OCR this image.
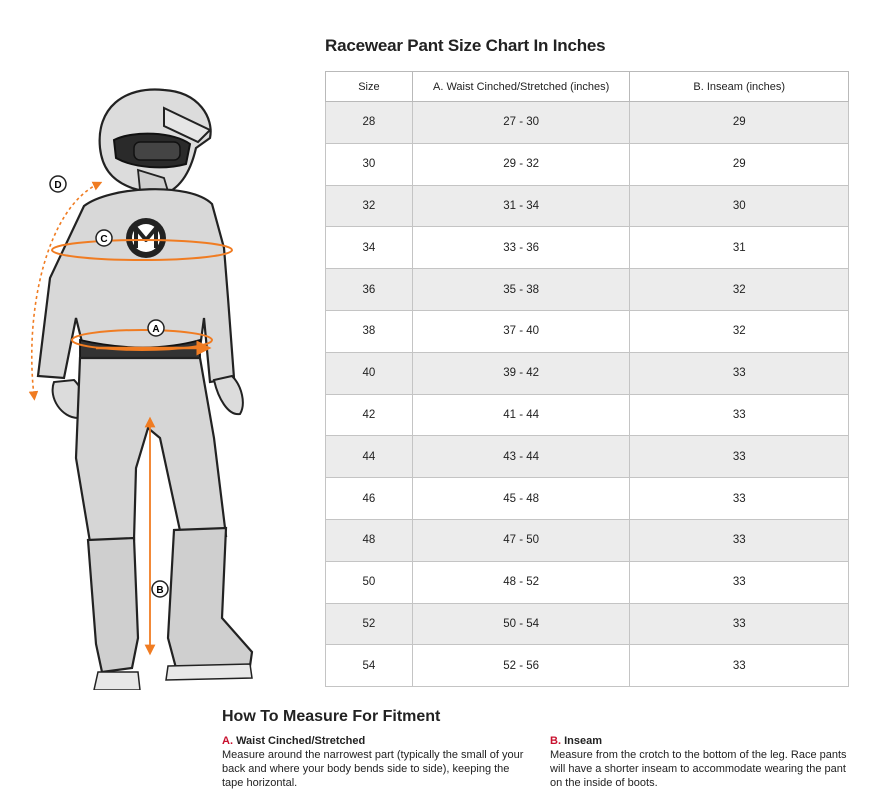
D
C
A
B
Racewear Pant Size Chart In Inches
Size	A. Waist Cinched/Stretched (inches)	B. Inseam (inches)
28	27 - 30	29
30	29 - 32	29
32	31 - 34	30
34	33 - 36	31
36	35 - 38	32
38	37 - 40	32
40	39 - 42	33
42	41 - 44	33
44	43 - 44	33
46	45 - 48	33
48	47 - 50	33
50	48 - 52	33
52	50 - 54	33
54	52 - 56	33
How To Measure For Fitment
A. Waist Cinched/Stretched
Measure around the narrowest part (typically the small of your back and where your body bends side to side), keeping the tape horizontal.
B. Inseam
Measure from the crotch to the bottom of the leg. Race pants will have a shorter inseam to accommodate wearing the pant on the inside of boots.
